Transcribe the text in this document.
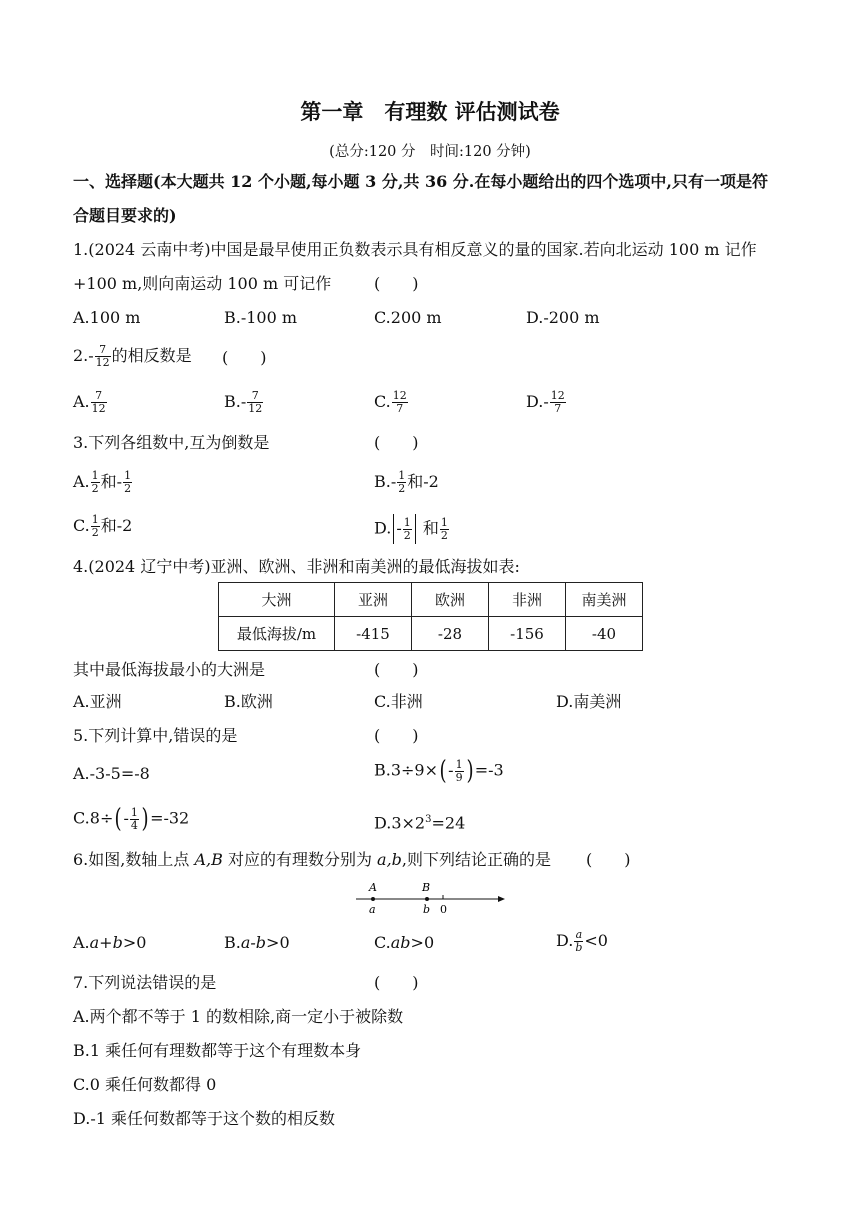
第一章　有理数 评估测试卷
(总分:120 分　时间:120 分钟)
一、选择题(本大题共 12 个小题,每小题 3 分,共 36 分.在每小题给出的四个选项中,只有一项是符
合题目要求的)
1.(2024 云南中考)中国是最早使用正负数表示具有相反意义的量的国家.若向北运动 100 m 记作
+100 m,则向南运动 100 m 可记作	(　　)
A.100 m	B.-100 m	C.200 m	D.-200 m
$2.- \frac{7}{12}$ 的相反数是 (　　)
A. $\frac{7}{12}$	$B.- \frac{7}{12}$	C. $\frac{12}{7}$	$D.- \frac{12}{7}$
3.下列各组数中,互为倒数是	(　　)
A. $\frac{1}{2}$ 和- $\frac{1}{2}$	$B.- \frac{1}{2}$ 和-2
C. $\frac{1}{2}$ 和-2	D. - $\frac{1}{2}$ 和 $\frac{1}{2}$
4.(2024 辽宁中考)亚洲、欧洲、非洲和南美洲的最低海拔如表:
大洲	亚洲	欧洲	非洲	南美洲
最低海拔/m	-415	-28	-156	-40
其中最低海拔最小的大洲是	(　　)
A.亚洲	B.欧洲	C.非洲	D.南美洲
5.下列计算中,错误的是	(　　)
A.-3-5=-8	$B.3\div 9\times(- \frac{1}{9} )=-3$
$C.8\div(- \frac{1}{4} )=-32$	$D.3\times 2^3=24$
6.如图,数轴上点 A,B 对应的有理数分别为 a,b,则下列结论正确的是 (　　)
A	B
a	b 0
A.a+b>0	B.a-b>0	C.ab>0	D. $\frac{a}{b} <0$
7.下列说法错误的是	(　　)
A.两个都不等于 1 的数相除,商一定小于被除数
B.1 乘任何有理数都等于这个有理数本身
C.0 乘任何数都得 0
D.-1 乘任何数都等于这个数的相反数
